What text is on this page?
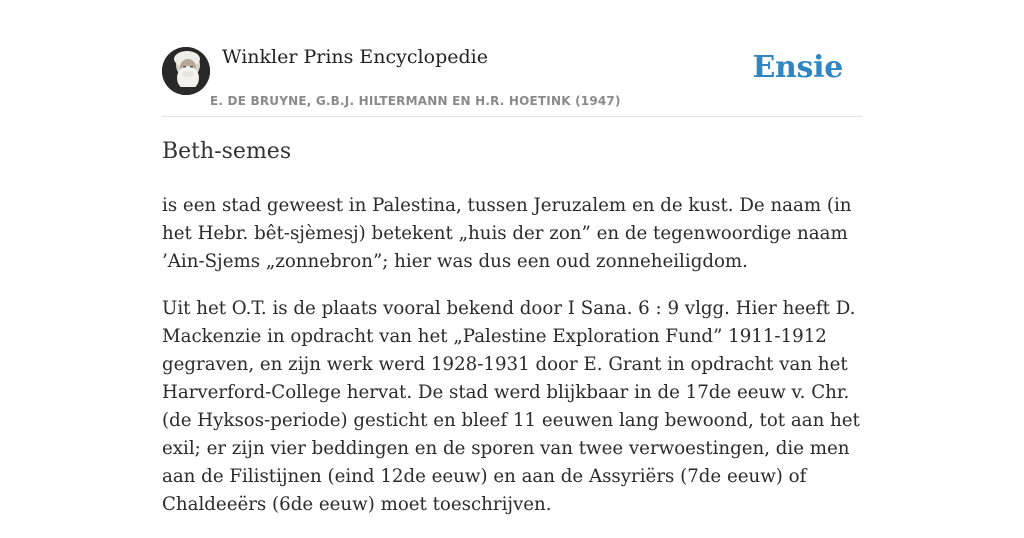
Winkler Prins Encyclopedie
E. DE BRUYNE, G.B.J. HILTERMANN EN H.R. HOETINK (1947)
Ensie
Beth-semes

is een stad geweest in Palestina, tussen Jeruzalem en de kust. De naam (in het Hebr. bêt-sjèmesj) betekent „huis der zon” en de tegenwoordige naam ’Ain-Sjems „zonnebron”; hier was dus een oud zonneheiligdom.

Uit het O.T. is de plaats vooral bekend door I Sana. 6 : 9 vlgg. Hier heeft D. Mackenzie in opdracht van het „Palestine Exploration Fund” 1911-1912 gegraven, en zijn werk werd 1928-1931 door E. Grant in opdracht van het Harverford-College hervat. De stad werd blijkbaar in de 17de eeuw v. Chr. (de Hyksos-periode) gesticht en bleef 11 eeuwen lang bewoond, tot aan het exil; er zijn vier beddingen en de sporen van twee verwoestingen, die men aan de Filistijnen (eind 12de eeuw) en aan de Assyriërs (7de eeuw) of Chaldeeërs (6de eeuw) moet toeschrijven.
